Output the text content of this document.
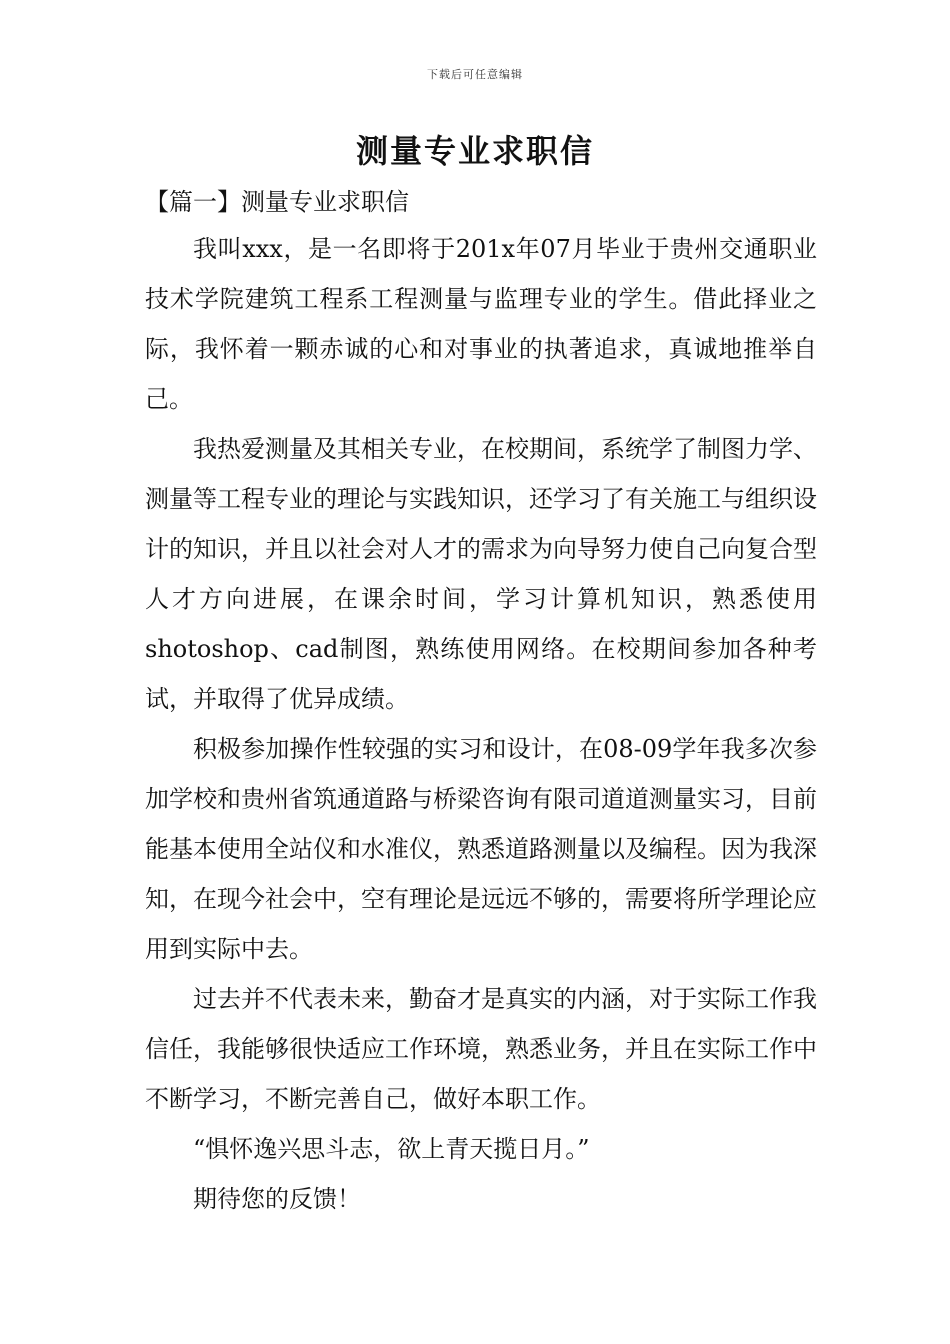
下载后可任意编辑
测量专业求职信
【篇一】测量专业求职信

我叫xxx，是一名即将于201x年07月毕业于贵州交通职业技术学院建筑工程系工程测量与监理专业的学生。借此择业之际，我怀着一颗赤诚的心和对事业的执著追求，真诚地推举自己。

我热爱测量及其相关专业，在校期间，系统学了制图力学、测量等工程专业的理论与实践知识，还学习了有关施工与组织设计的知识，并且以社会对人才的需求为向导努力使自己向复合型人才方向进展，在课余时间，学习计算机知识，熟悉使用shotoshop、cad制图，熟练使用网络。在校期间参加各种考试，并取得了优异成绩。

积极参加操作性较强的实习和设计，在08-09学年我多次参加学校和贵州省筑通道路与桥梁咨询有限司道道测量实习，目前能基本使用全站仪和水准仪，熟悉道路测量以及编程。因为我深知，在现今社会中，空有理论是远远不够的，需要将所学理论应用到实际中去。

过去并不代表未来，勤奋才是真实的内涵，对于实际工作我信任，我能够很快适应工作环境，熟悉业务，并且在实际工作中不断学习，不断完善自己，做好本职工作。

“惧怀逸兴思斗志，欲上青天揽日月。”

期待您的反馈！
